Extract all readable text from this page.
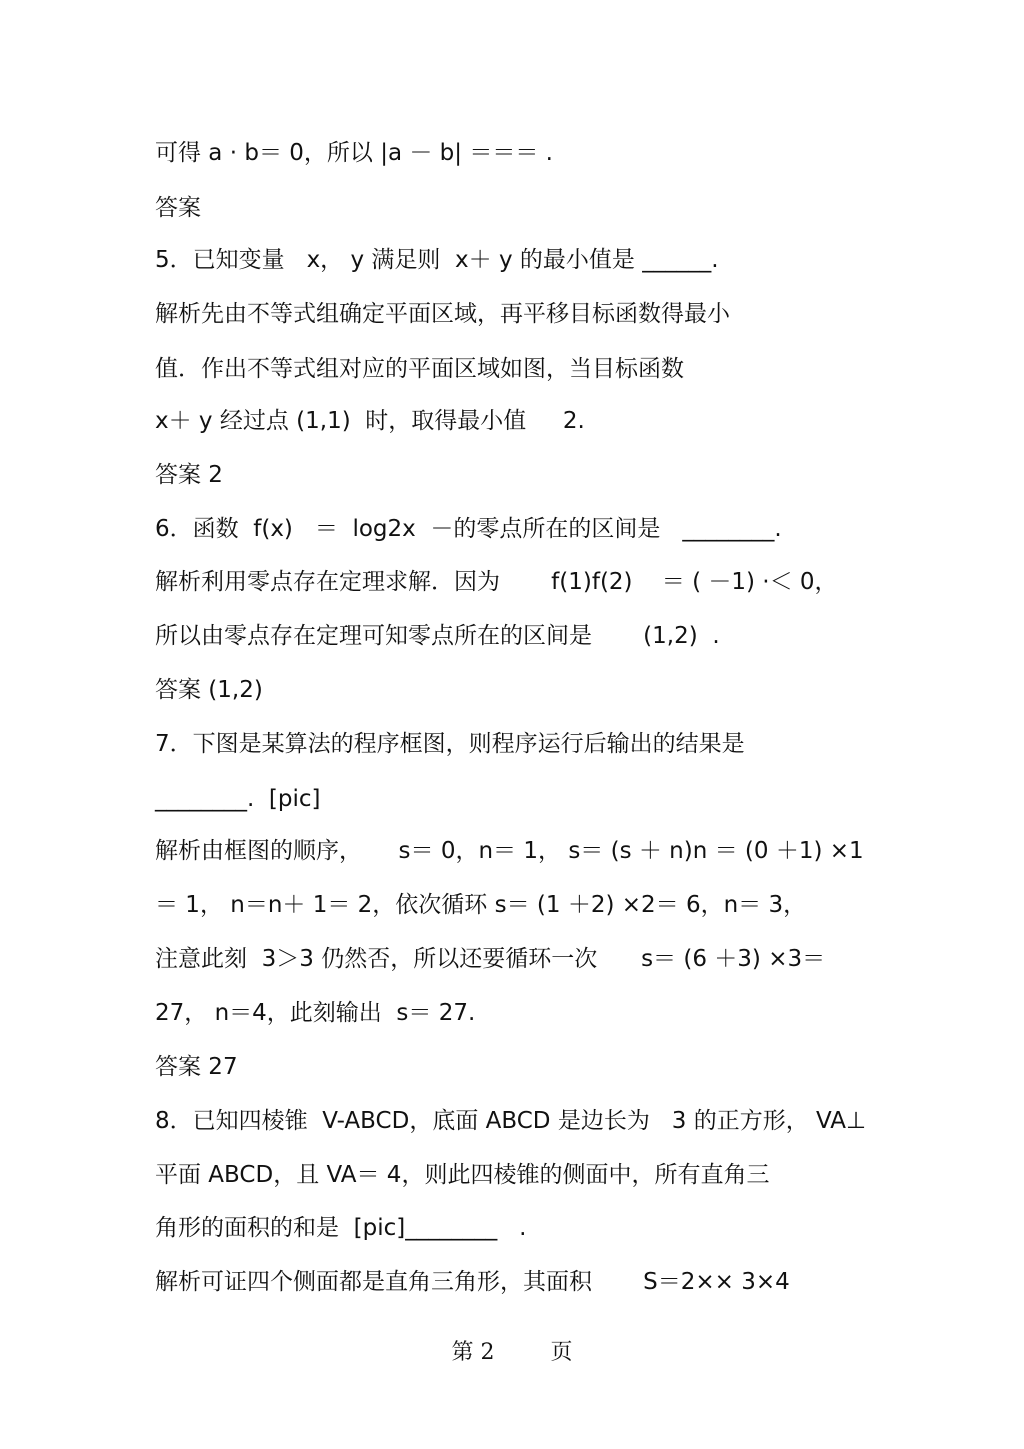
可得 a · b＝ 0，所以 |a － b| ＝＝＝ .
答案
5．已知变量   x， y 满足则  x＋ y 的最小值是 ______.
解析先由不等式组确定平面区域，再平移目标函数得最小
值．作出不等式组对应的平面区域如图，当目标函数
x＋ y 经过点 (1,1)  时，取得最小值     2.
答案 2
6．函数  f(x)   ＝  log2x  －的零点所在的区间是   ________.
解析利用零点存在定理求解．因为       f(1)f(2)    ＝ ( －1) ·＜ 0，
所以由零点存在定理可知零点所在的区间是       (1,2)  .
答案 (1,2)
7．下图是某算法的程序框图，则程序运行后输出的结果是
________.  [pic]
解析由框图的顺序，     s＝ 0，n＝ 1， s＝ (s ＋ n)n ＝ (0 ＋1) ×1
＝ 1， n＝n＋ 1＝ 2，依次循环 s＝ (1 ＋2) ×2＝ 6，n＝ 3，
注意此刻  3＞3 仍然否，所以还要循环一次      s＝ (6 ＋3) ×3＝
27， n＝4，此刻输出  s＝ 27.
答案 27
8．已知四棱锥  V-ABCD，底面 ABCD 是边长为   3 的正方形， VA⊥
平面 ABCD，且 VA＝ 4，则此四棱锥的侧面中，所有直角三
角形的面积的和是  [pic]________   .
解析可证四个侧面都是直角三角形，其面积       S＝2×× 3×4
第 2	页
